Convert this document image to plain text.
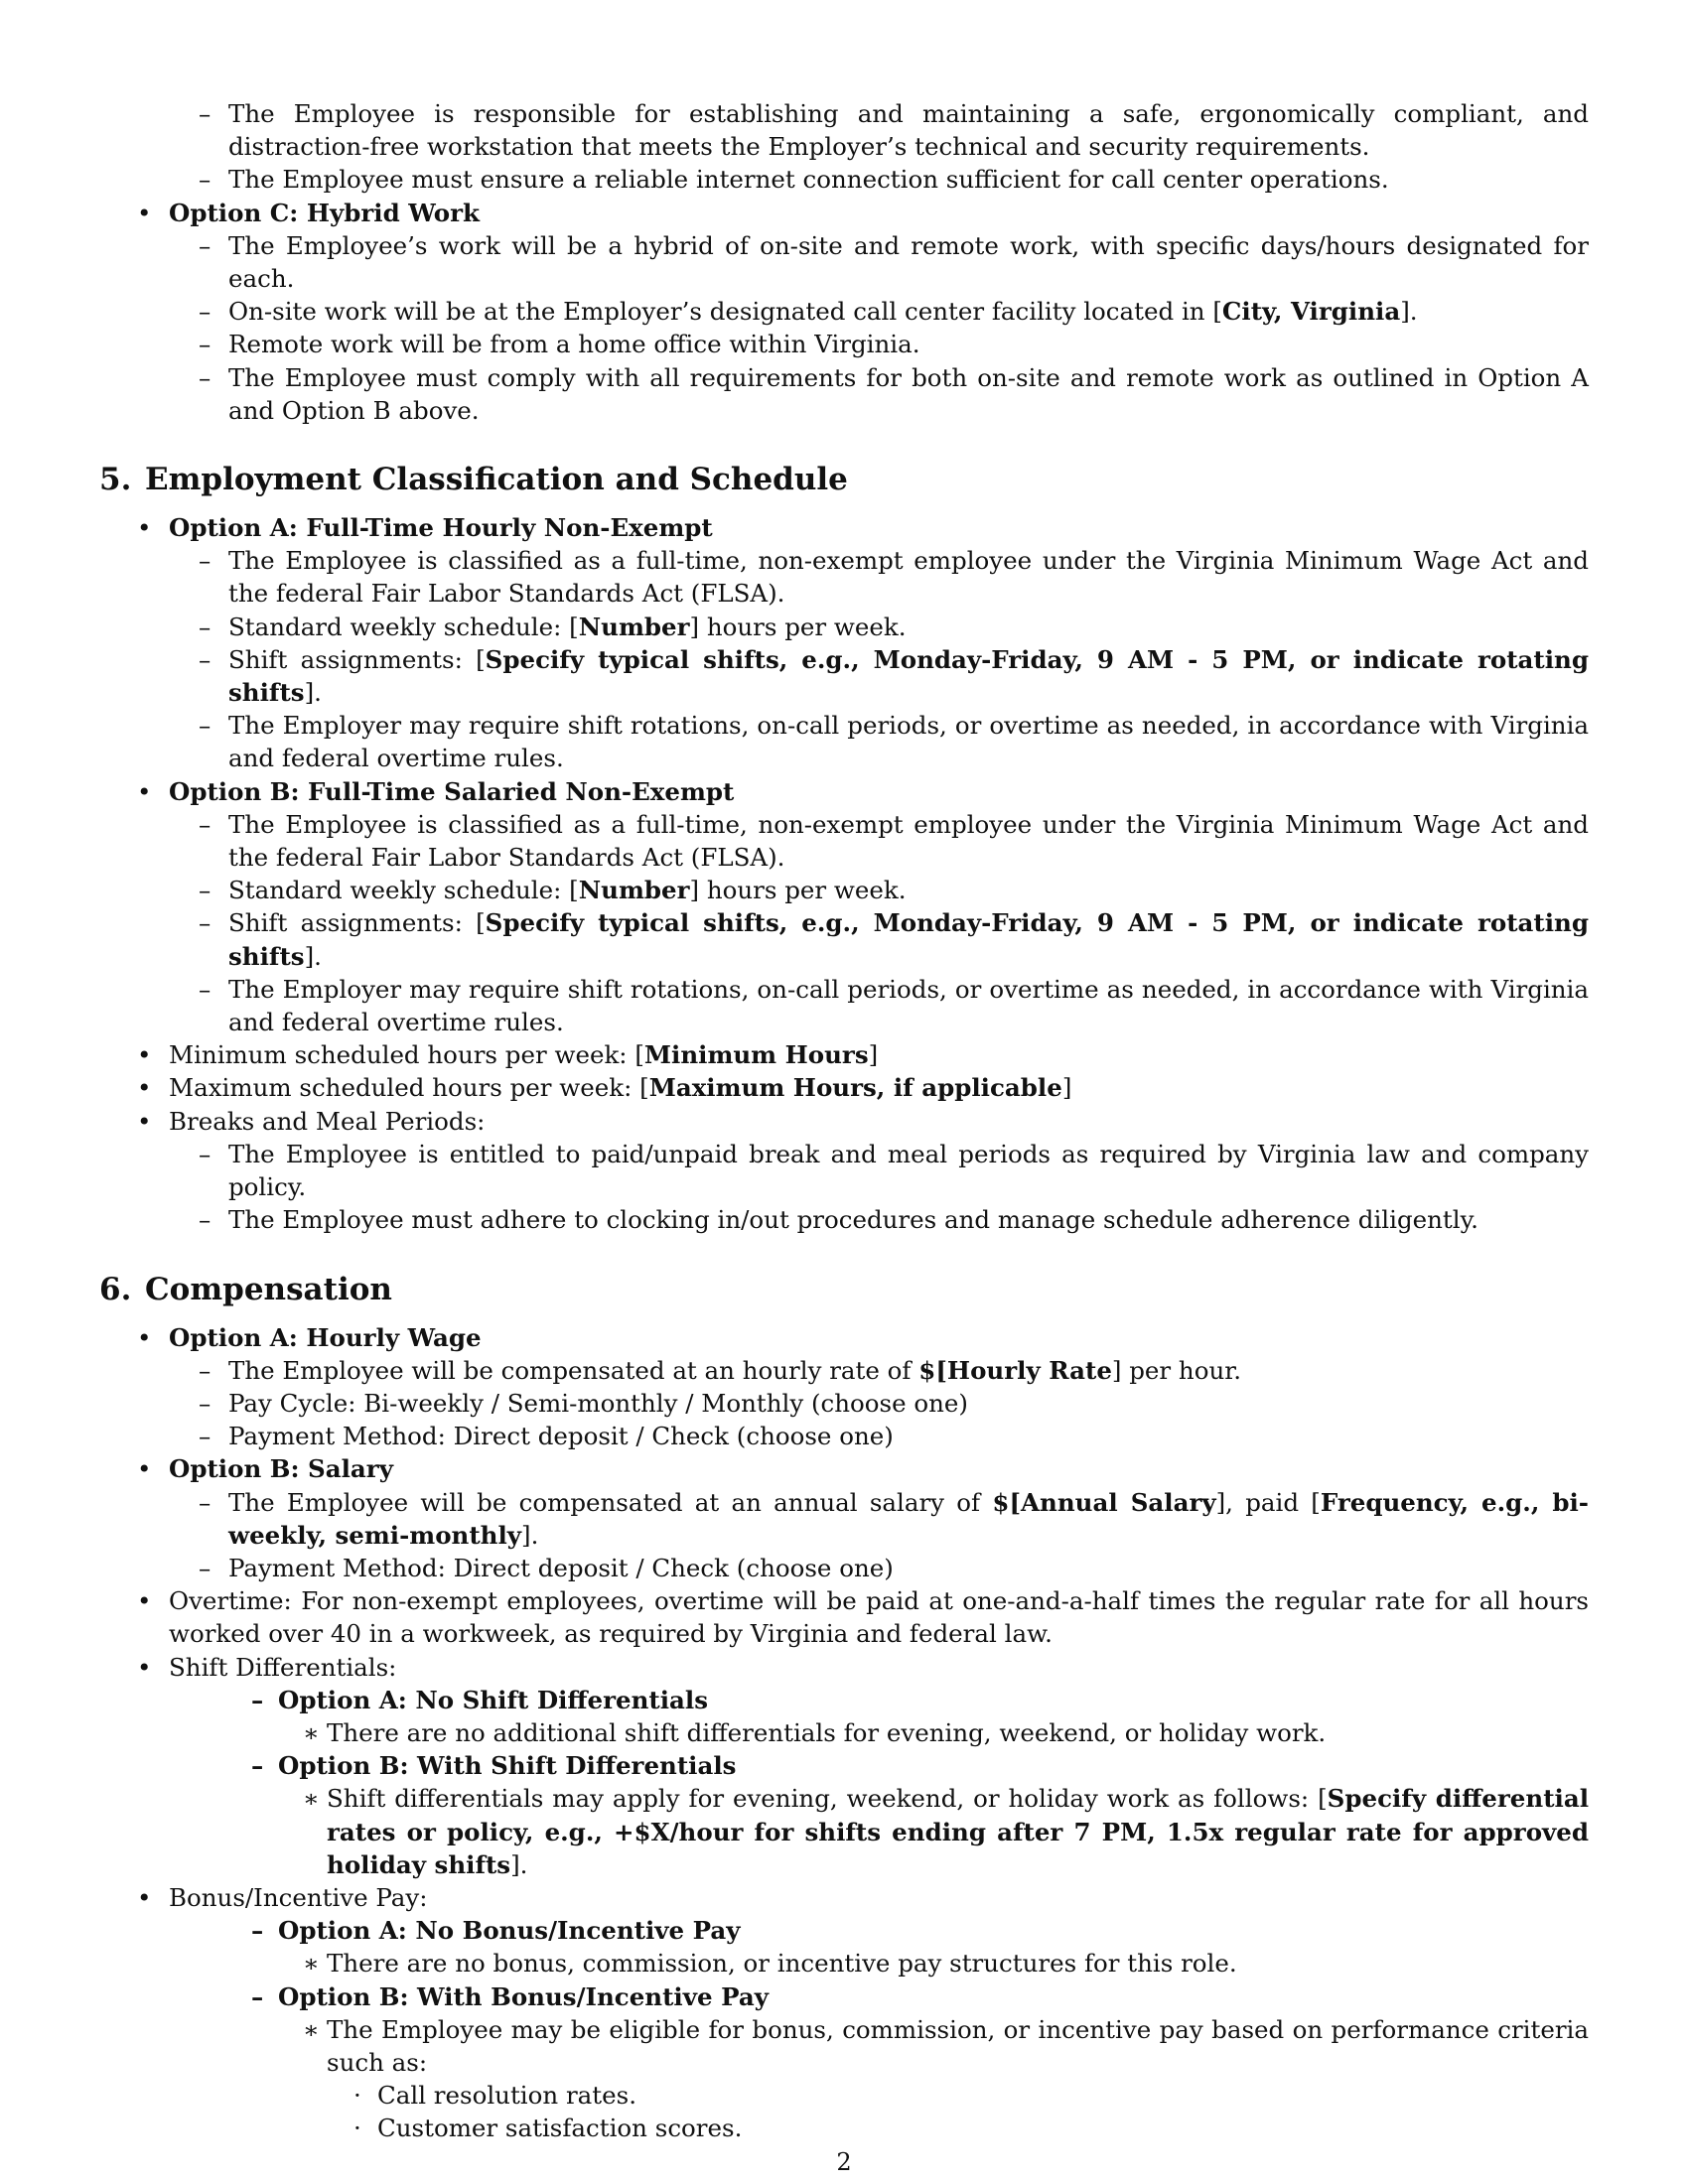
– The Employee is responsible for establishing and maintaining a safe, ergonomically compliant, and distraction-free workstation that meets the Employer’s technical and security requirements.
– The Employee must ensure a reliable internet connection sufficient for call center operations.
• Option C: Hybrid Work
– The Employee’s work will be a hybrid of on-site and remote work, with specific days/hours designated for each.
– On-site work will be at the Employer’s designated call center facility located in [City, Virginia].
– Remote work will be from a home office within Virginia.
– The Employee must comply with all requirements for both on-site and remote work as outlined in Option A and Option B above.
5. Employment Classification and Schedule
• Option A: Full-Time Hourly Non-Exempt
– The Employee is classified as a full-time, non-exempt employee under the Virginia Minimum Wage Act and the federal Fair Labor Standards Act (FLSA).
– Standard weekly schedule: [Number] hours per week.
– Shift assignments: [Specify typical shifts, e.g., Monday-Friday, 9 AM - 5 PM, or indicate rotating shifts].
– The Employer may require shift rotations, on-call periods, or overtime as needed, in accordance with Virginia and federal overtime rules.
• Option B: Full-Time Salaried Non-Exempt
– The Employee is classified as a full-time, non-exempt employee under the Virginia Minimum Wage Act and the federal Fair Labor Standards Act (FLSA).
– Standard weekly schedule: [Number] hours per week.
– Shift assignments: [Specify typical shifts, e.g., Monday-Friday, 9 AM - 5 PM, or indicate rotating shifts].
– The Employer may require shift rotations, on-call periods, or overtime as needed, in accordance with Virginia and federal overtime rules.
• Minimum scheduled hours per week: [Minimum Hours]
• Maximum scheduled hours per week: [Maximum Hours, if applicable]
• Breaks and Meal Periods:
– The Employee is entitled to paid/unpaid break and meal periods as required by Virginia law and company policy.
– The Employee must adhere to clocking in/out procedures and manage schedule adherence diligently.
6. Compensation
• Option A: Hourly Wage
– The Employee will be compensated at an hourly rate of $[Hourly Rate] per hour.
– Pay Cycle: Bi-weekly / Semi-monthly / Monthly (choose one)
– Payment Method: Direct deposit / Check (choose one)
• Option B: Salary
– The Employee will be compensated at an annual salary of $[Annual Salary], paid [Frequency, e.g., bi-weekly, semi-monthly].
– Payment Method: Direct deposit / Check (choose one)
• Overtime: For non-exempt employees, overtime will be paid at one-and-a-half times the regular rate for all hours worked over 40 in a workweek, as required by Virginia and federal law.
• Shift Differentials:
– Option A: No Shift Differentials
∗ There are no additional shift differentials for evening, weekend, or holiday work.
– Option B: With Shift Differentials
∗ Shift differentials may apply for evening, weekend, or holiday work as follows: [Specify differential rates or policy, e.g., +$X/hour for shifts ending after 7 PM, 1.5x regular rate for approved holiday shifts].
• Bonus/Incentive Pay:
– Option A: No Bonus/Incentive Pay
∗ There are no bonus, commission, or incentive pay structures for this role.
– Option B: With Bonus/Incentive Pay
∗ The Employee may be eligible for bonus, commission, or incentive pay based on performance criteria such as:
· Call resolution rates.
· Customer satisfaction scores.
2
